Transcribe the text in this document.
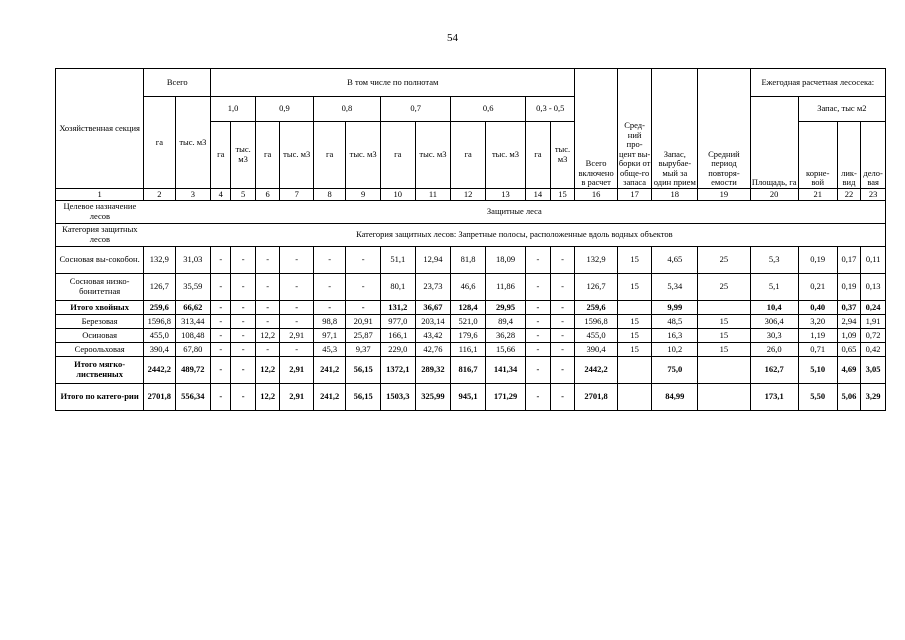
54
Хозяйственная секция	Всего		В том числе по полнотам												Всего включено в расчет	Сред-ний про-цент вы-борки от обще-го запаса	Запас, вырубае-мый за один прием	Средний период повторя-емости	Ежегодная расчетная лесосека:			
	га	тыс. м3	1,0		0,9		0,8		0,7		0,6		0,3 - 0,5						Площадь, га	Запас, тыс м2		
			га	тыс. м3	га	тыс. м3	га	тыс. м3	га	тыс. м3	га	тыс. м3	га	тыс. м3						корне-вой	лик-вид	дело-вая
1	2	3	4	5	6	7	8	9	10	11	12	13	14	15	16	17	18	19	20	21	22	23
Целевое назначение лесов	Защитные леса																					
Категория защитных лесов	Категория защитных лесов: Запретные полосы, расположенные вдоль водных объектов																					
Сосновая вы-сокобон.	132,9	31,03	-	-	-	-	-	-	51,1	12,94	81,8	18,09	-	-	132,9	15	4,65	25	5,3	0,19	0,17	0,11
Сосновая низко-бонитетная	126,7	35,59	-	-	-	-	-	-	80,1	23,73	46,6	11,86	-	-	126,7	15	5,34	25	5,1	0,21	0,19	0,13
Итого хвойных	259,6	66,62	-	-	-	-	-	-	131,2	36,67	128,4	29,95	-	-	259,6		9,99		10,4	0,40	0,37	0,24
Березовая	1596,8	313,44	-	-	-	-	98,8	20,91	977,0	203,14	521,0	89,4	-	-	1596,8	15	48,5	15	306,4	3,20	2,94	1,91
Осиновая	455,0	108,48	-	-	12,2	2,91	97,1	25,87	166,1	43,42	179,6	36,28	-	-	455,0	15	16,3	15	30,3	1,19	1,09	0,72
Сероольховая	390,4	67,80	-	-	-	-	45,3	9,37	229,0	42,76	116,1	15,66	-	-	390,4	15	10,2	15	26,0	0,71	0,65	0,42
Итого мягко-лиственных	2442,2	489,72	-	-	12,2	2,91	241,2	56,15	1372,1	289,32	816,7	141,34	-	-	2442,2		75,0		162,7	5,10	4,69	3,05
Итого по катего-рии	2701,8	556,34	-	-	12,2	2,91	241,2	56,15	1503,3	325,99	945,1	171,29	-	-	2701,8		84,99		173,1	5,50	5,06	3,29
